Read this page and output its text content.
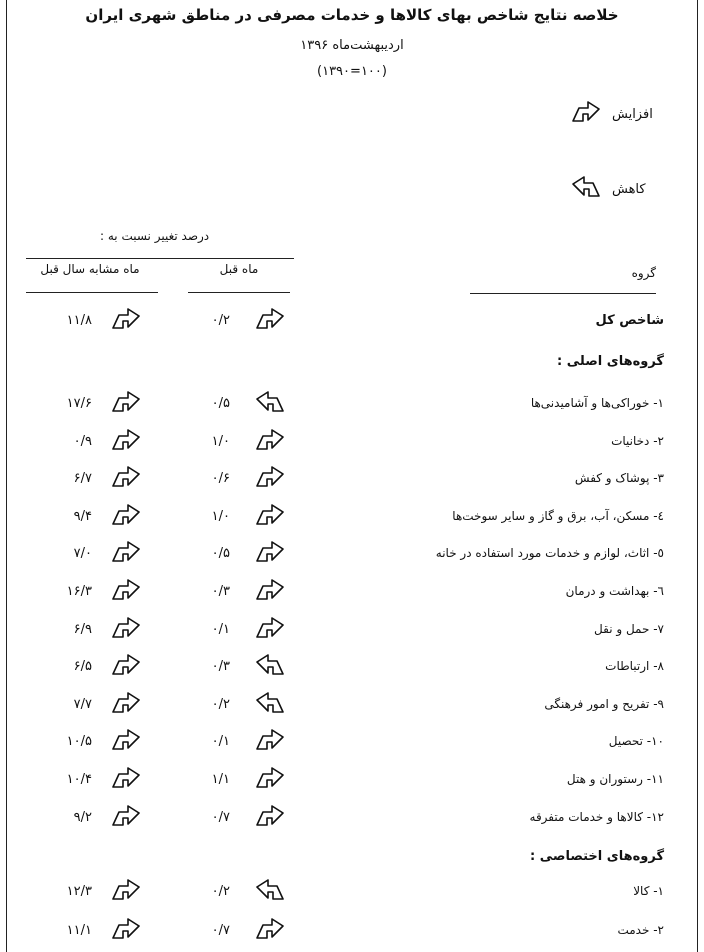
خلاصه نتایج شاخص بهای کالاها و خدمات مصرفی در مناطق شهری ایران
اردیبهشت‌ماه ۱۳۹۶
(۱۰۰=۱۳۹۰)
افزایش
کاهش
درصد تغییر نسبت به :
ماه مشابه سال قبل	ماه قبل	گروه
شاخص کل
۰/۲
۱۱/۸
گروه‌های اصلی :
۱- خوراکی‌ها و آشامیدنی‌ها
۰/۵
۱۷/۶
۲- دخانیات
۱/۰
۰/۹
۳- پوشاک و کفش
۰/۶
۶/۷
٤- مسکن، آب، برق و گاز و سایر سوخت‌ها
۱/۰
۹/۴
٥- اثاث، لوازم و خدمات مورد استفاده در خانه
۰/۵
۷/۰
٦- بهداشت و درمان
۰/۳
۱۶/۳
۷- حمل و نقل
۰/۱
۶/۹
۸- ارتباطات
۰/۳
۶/۵
۹- تفریح و امور فرهنگی
۰/۲
۷/۷
۱۰- تحصیل
۰/۱
۱۰/۵
۱۱- رستوران و هتل
۱/۱
۱۰/۴
۱۲- کالاها و خدمات متفرقه
۰/۷
۹/۲
گروه‌های اختصاصی :
۱- کالا
۰/۲
۱۲/۳
۲- خدمت
۰/۷
۱۱/۱
